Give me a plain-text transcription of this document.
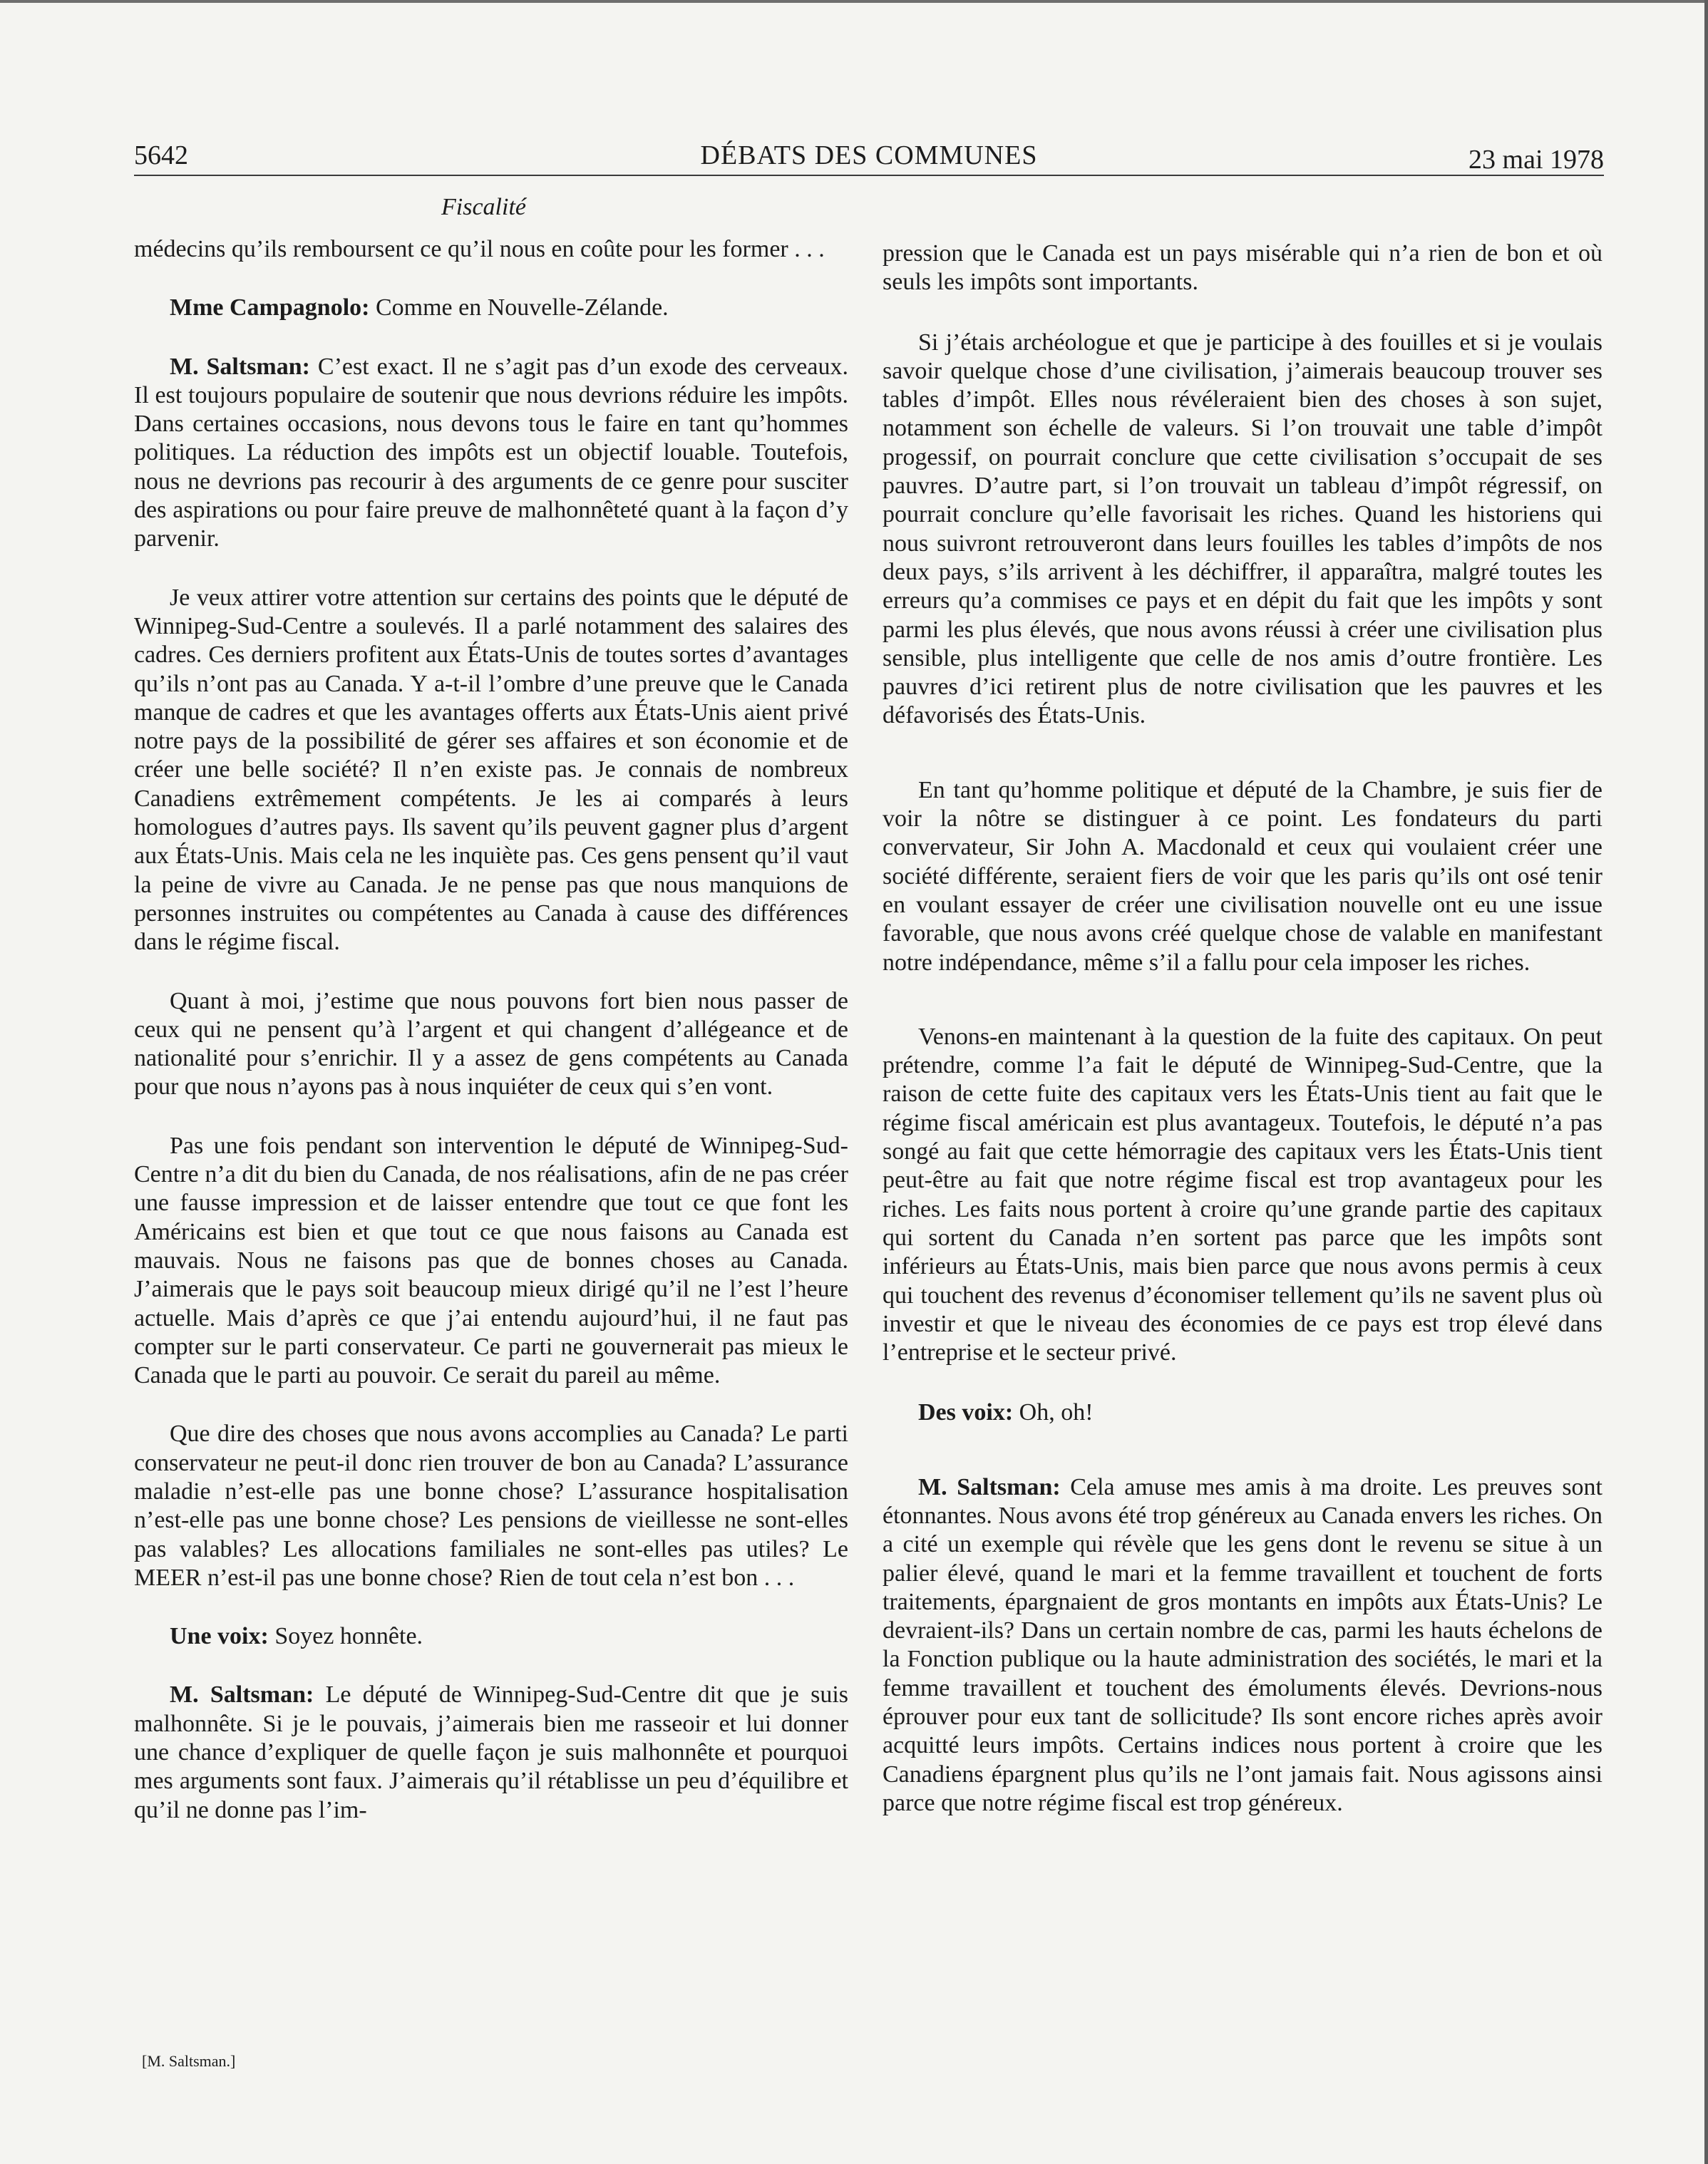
5642	DÉBATS DES COMMUNES	23 mai 1978
Fiscalité

médecins qu’ils remboursent ce qu’il nous en coûte pour les former . . .

Mme Campagnolo: Comme en Nouvelle-Zélande.

M. Saltsman: C’est exact. Il ne s’agit pas d’un exode des cerveaux. Il est toujours populaire de soutenir que nous devrions réduire les impôts. Dans certaines occasions, nous devons tous le faire en tant qu’hommes politiques. La réduction des impôts est un objectif louable. Toutefois, nous ne devrions pas recourir à des arguments de ce genre pour susciter des aspirations ou pour faire preuve de malhonnêteté quant à la façon d’y parvenir.

Je veux attirer votre attention sur certains des points que le député de Winnipeg-Sud-Centre a soulevés. Il a parlé notamment des salaires des cadres. Ces derniers profitent aux États-Unis de toutes sortes d’avantages qu’ils n’ont pas au Canada. Y a-t-il l’ombre d’une preuve que le Canada manque de cadres et que les avantages offerts aux États-Unis aient privé notre pays de la possibilité de gérer ses affaires et son économie et de créer une belle société? Il n’en existe pas. Je connais de nombreux Canadiens extrêmement compétents. Je les ai comparés à leurs homologues d’autres pays. Ils savent qu’ils peuvent gagner plus d’argent aux États-Unis. Mais cela ne les inquiète pas. Ces gens pensent qu’il vaut la peine de vivre au Canada. Je ne pense pas que nous manquions de personnes instruites ou compétentes au Canada à cause des différences dans le régime fiscal.

Quant à moi, j’estime que nous pouvons fort bien nous passer de ceux qui ne pensent qu’à l’argent et qui changent d’allégeance et de nationalité pour s’enrichir. Il y a assez de gens compétents au Canada pour que nous n’ayons pas à nous inquiéter de ceux qui s’en vont.

Pas une fois pendant son intervention le député de Winnipeg-Sud-Centre n’a dit du bien du Canada, de nos réalisations, afin de ne pas créer une fausse impression et de laisser entendre que tout ce que font les Américains est bien et que tout ce que nous faisons au Canada est mauvais. Nous ne faisons pas que de bonnes choses au Canada. J’aimerais que le pays soit beaucoup mieux dirigé qu’il ne l’est l’heure actuelle. Mais d’après ce que j’ai entendu aujourd’hui, il ne faut pas compter sur le parti conservateur. Ce parti ne gouvernerait pas mieux le Canada que le parti au pouvoir. Ce serait du pareil au même.

Que dire des choses que nous avons accomplies au Canada? Le parti conservateur ne peut-il donc rien trouver de bon au Canada? L’assurance maladie n’est-elle pas une bonne chose? L’assurance hospitalisation n’est-elle pas une bonne chose? Les pensions de vieillesse ne sont-elles pas valables? Les allocations familiales ne sont-elles pas utiles? Le MEER n’est-il pas une bonne chose? Rien de tout cela n’est bon . . .

Une voix: Soyez honnête.

M. Saltsman: Le député de Winnipeg-Sud-Centre dit que je suis malhonnête. Si je le pouvais, j’aimerais bien me rasseoir et lui donner une chance d’expliquer de quelle façon je suis malhonnête et pourquoi mes arguments sont faux. J’aimerais qu’il rétablisse un peu d’équilibre et qu’il ne donne pas l’im-

[M. Saltsman.]

pression que le Canada est un pays misérable qui n’a rien de bon et où seuls les impôts sont importants.

Si j’étais archéologue et que je participe à des fouilles et si je voulais savoir quelque chose d’une civilisation, j’aimerais beaucoup trouver ses tables d’impôt. Elles nous révéleraient bien des choses à son sujet, notamment son échelle de valeurs. Si l’on trouvait une table d’impôt progessif, on pourrait conclure que cette civilisation s’occupait de ses pauvres. D’autre part, si l’on trouvait un tableau d’impôt régressif, on pourrait conclure qu’elle favorisait les riches. Quand les historiens qui nous suivront retrouveront dans leurs fouilles les tables d’impôts de nos deux pays, s’ils arrivent à les déchiffrer, il apparaîtra, malgré toutes les erreurs qu’a commises ce pays et en dépit du fait que les impôts y sont parmi les plus élevés, que nous avons réussi à créer une civilisation plus sensible, plus intelligente que celle de nos amis d’outre frontière. Les pauvres d’ici retirent plus de notre civilisation que les pauvres et les défavorisés des États-Unis.

En tant qu’homme politique et député de la Chambre, je suis fier de voir la nôtre se distinguer à ce point. Les fondateurs du parti convervateur, Sir John A. Macdonald et ceux qui voulaient créer une société différente, seraient fiers de voir que les paris qu’ils ont osé tenir en voulant essayer de créer une civilisation nouvelle ont eu une issue favorable, que nous avons créé quelque chose de valable en manifestant notre indépendance, même s’il a fallu pour cela imposer les riches.

Venons-en maintenant à la question de la fuite des capitaux. On peut prétendre, comme l’a fait le député de Winnipeg-Sud-Centre, que la raison de cette fuite des capitaux vers les États-Unis tient au fait que le régime fiscal américain est plus avantageux. Toutefois, le député n’a pas songé au fait que cette hémorragie des capitaux vers les États-Unis tient peut-être au fait que notre régime fiscal est trop avantageux pour les riches. Les faits nous portent à croire qu’une grande partie des capitaux qui sortent du Canada n’en sortent pas parce que les impôts sont inférieurs au États-Unis, mais bien parce que nous avons permis à ceux qui touchent des revenus d’économiser tellement qu’ils ne savent plus où investir et que le niveau des économies de ce pays est trop élevé dans l’entreprise et le secteur privé.

Des voix: Oh, oh!

M. Saltsman: Cela amuse mes amis à ma droite. Les preuves sont étonnantes. Nous avons été trop généreux au Canada envers les riches. On a cité un exemple qui révèle que les gens dont le revenu se situe à un palier élevé, quand le mari et la femme travaillent et touchent de forts traitements, épargnaient de gros montants en impôts aux États-Unis? Le devraient-ils? Dans un certain nombre de cas, parmi les hauts échelons de la Fonction publique ou la haute administration des sociétés, le mari et la femme travaillent et touchent des émoluments élevés. Devrions-nous éprouver pour eux tant de sollicitude? Ils sont encore riches après avoir acquitté leurs impôts. Certains indices nous portent à croire que les Canadiens épargnent plus qu’ils ne l’ont jamais fait. Nous agissons ainsi parce que notre régime fiscal est trop généreux.
